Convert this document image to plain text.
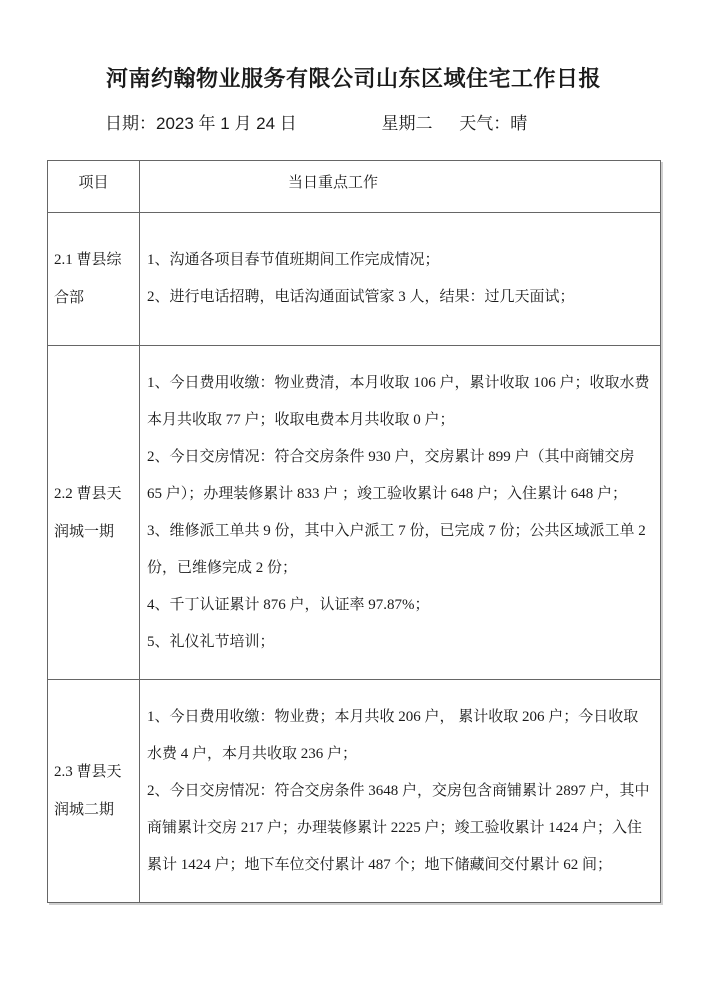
河南约翰物业服务有限公司山东区域住宅工作日报
日期：2023 年 1 月 24 日	星期二 天气：晴
项目	当日重点工作
2.1 曹县综合部	1、沟通各项目春节值班期间工作完成情况；

2、进行电话招聘，电话沟通面试管家 3 人，结果：过几天面试；

2.2 曹县天润城一期	1、今日费用收缴：物业费清，本月收取 106 户，累计收取 106 户；收取水费本月共收取 77 户；收取电费本月共收取 0 户；

2、今日交房情况：符合交房条件 930 户，交房累计 899 户（其中商铺交房 65 户）；办理装修累计 833 户 ；竣工验收累计 648 户；入住累计 648 户；

3、维修派工单共 9 份，其中入户派工 7 份，已完成 7 份；公共区域派工单 2 份，已维修完成 2 份；

4、千丁认证累计 876 户，认证率 97.87%；

5、礼仪礼节培训；

2.3 曹县天润城二期	1、今日费用收缴：物业费；本月共收 206 户， 累计收取 206 户；今日收取水费 4 户，本月共收取 236 户；

2、今日交房情况：符合交房条件 3648 户，交房包含商铺累计 2897 户，其中商铺累计交房 217 户；办理装修累计 2225 户；竣工验收累计 1424 户；入住累计 1424 户；地下车位交付累计 487 个；地下储藏间交付累计 62 间；
